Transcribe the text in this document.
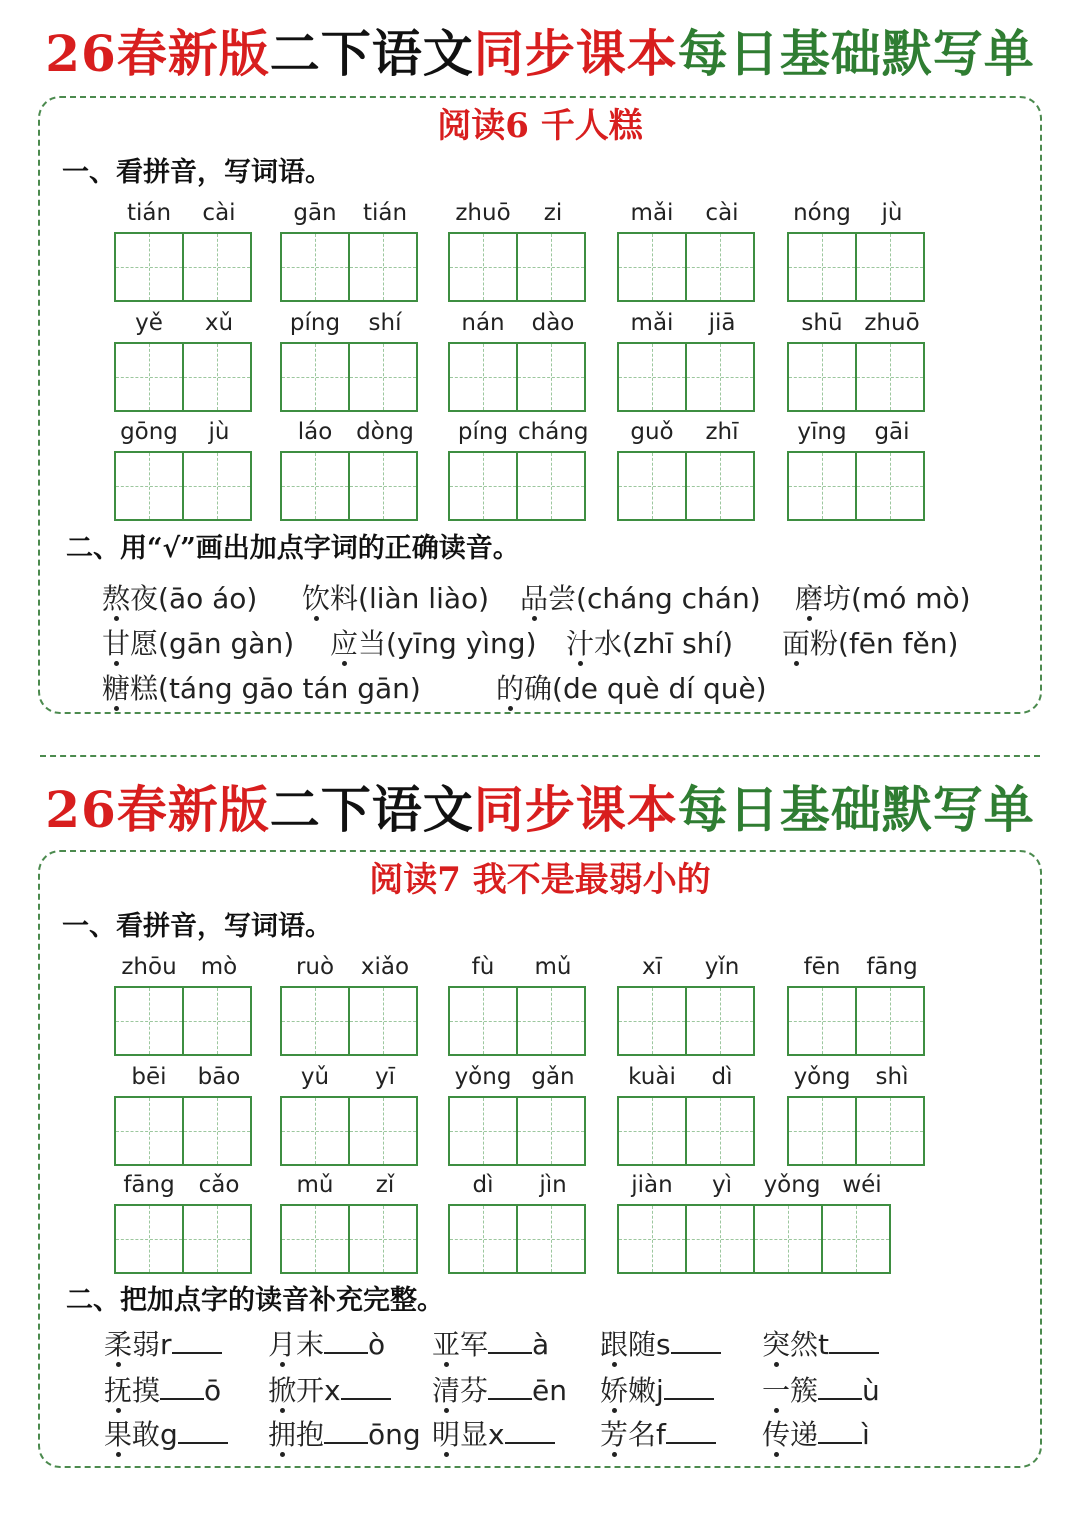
26春新版二下语文同步课本每日基础默写单
阅读6 千人糕
一、看拼音，写词语。
tián	cài	gān	tián	zhuō	zi	mǎi	cài	nóng	jù
yě	xǔ	píng	shí	nán	dào	mǎi	jiā	shū zhuō
gōng	jù	láo	dòng	píng cháng	guǒ	zhī	yīng	gāi
二、用“√”画出加点字词的正确读音。
熬夜(āo áo) 饮料(liàn liào) 品尝(cháng chán) 磨坊(mó mò)
甘愿(gān gàn) 应当(yīng yìng) 汁水(zhī shí) 面粉(fēn fěn)
糖糕(táng gāo tán gān)	的确(de què dí què)
26春新版二下语文同步课本每日基础默写单
阅读7 我不是最弱小的
一、看拼音，写词语。
zhōu	mò	ruò	xiǎo	fù	mǔ	xī	yǐn	fēn	fāng
bēi	bāo	yǔ	yī	yǒng gǎn	kuài	dì	yǒng	shì
fāng	cǎo	mǔ	zǐ	dì	jìn	jiàn	yì	yǒng wéi
二、把加点字的读音补充完整。
柔弱r	月末 ò 亚军 à 跟随s	突然t
抚摸 ō 掀开x	清芬 ēn 娇嫩j	一簇 ù
果敢g	拥抱 ōng 明显x	芳名f	传递 ì
